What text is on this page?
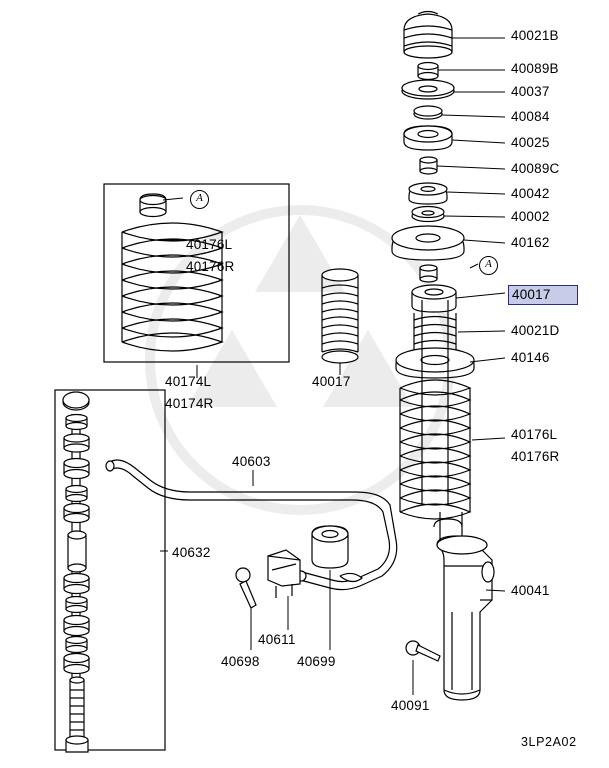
A
A
40021B
40089B
40037
40084
40025
40089C
40042
40002
40162
40017
40021D
40146
40176L
40176R
40041
40091
40176L
40176R
40174L
40174R
40017
40603
40632
40611
40698	40699
3LP2A02
